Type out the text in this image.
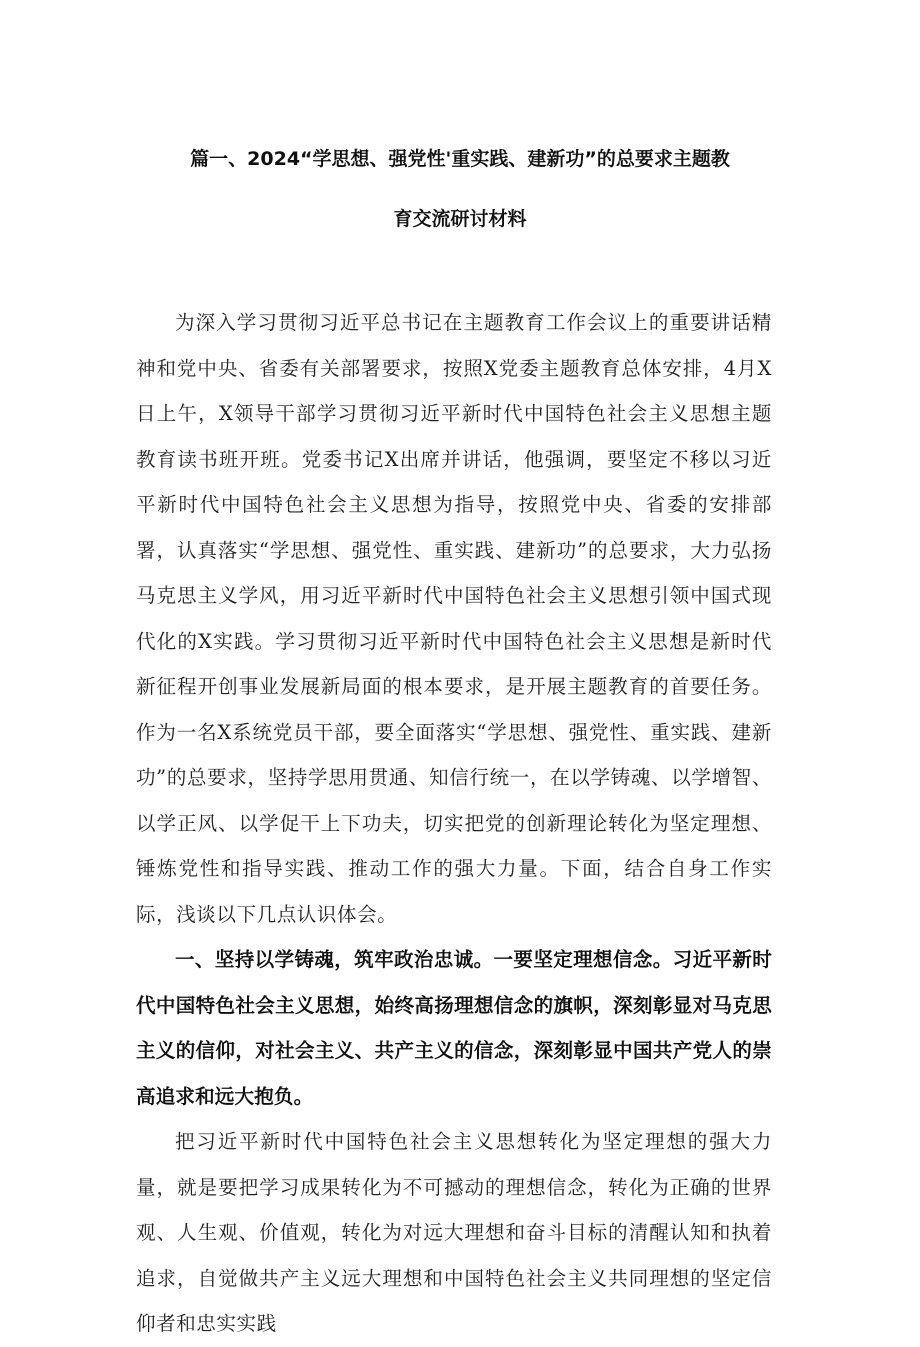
篇一、2024“学思想、强党性'重实践、建新功”的总要求主题教
育交流研讨材料

为深入学习贯彻习近平总书记在主题教育工作会议上的重要讲话精神和党中央、省委有关部署要求，按照X党委主题教育总体安排，4月X日上午，X领导干部学习贯彻习近平新时代中国特色社会主义思想主题教育读书班开班。党委书记X出席并讲话，他强调，要坚定不移以习近平新时代中国特色社会主义思想为指导，按照党中央、省委的安排部署，认真落实“学思想、强党性、重实践、建新功”的总要求，大力弘扬马克思主义学风，用习近平新时代中国特色社会主义思想引领中国式现代化的X实践。学习贯彻习近平新时代中国特色社会主义思想是新时代新征程开创事业发展新局面的根本要求，是开展主题教育的首要任务。作为一名X系统党员干部，要全面落实“学思想、强党性、重实践、建新功”的总要求，坚持学思用贯通、知信行统一，在以学铸魂、以学增智、以学正风、以学促干上下功夫，切实把党的创新理论转化为坚定理想、锤炼党性和指导实践、推动工作的强大力量。下面，结合自身工作实际，浅谈以下几点认识体会。

一、坚持以学铸魂，筑牢政治忠诚。一要坚定理想信念。习近平新时代中国特色社会主义思想，始终高扬理想信念的旗帜，深刻彰显对马克思主义的信仰，对社会主义、共产主义的信念，深刻彰显中国共产党人的崇高追求和远大抱负。

把习近平新时代中国特色社会主义思想转化为坚定理想的强大力量，就是要把学习成果转化为不可撼动的理想信念，转化为正确的世界观、人生观、价值观，转化为对远大理想和奋斗目标的清醒认知和执着追求，自觉做共产主义远大理想和中国特色社会主义共同理想的坚定信仰者和忠实实践
